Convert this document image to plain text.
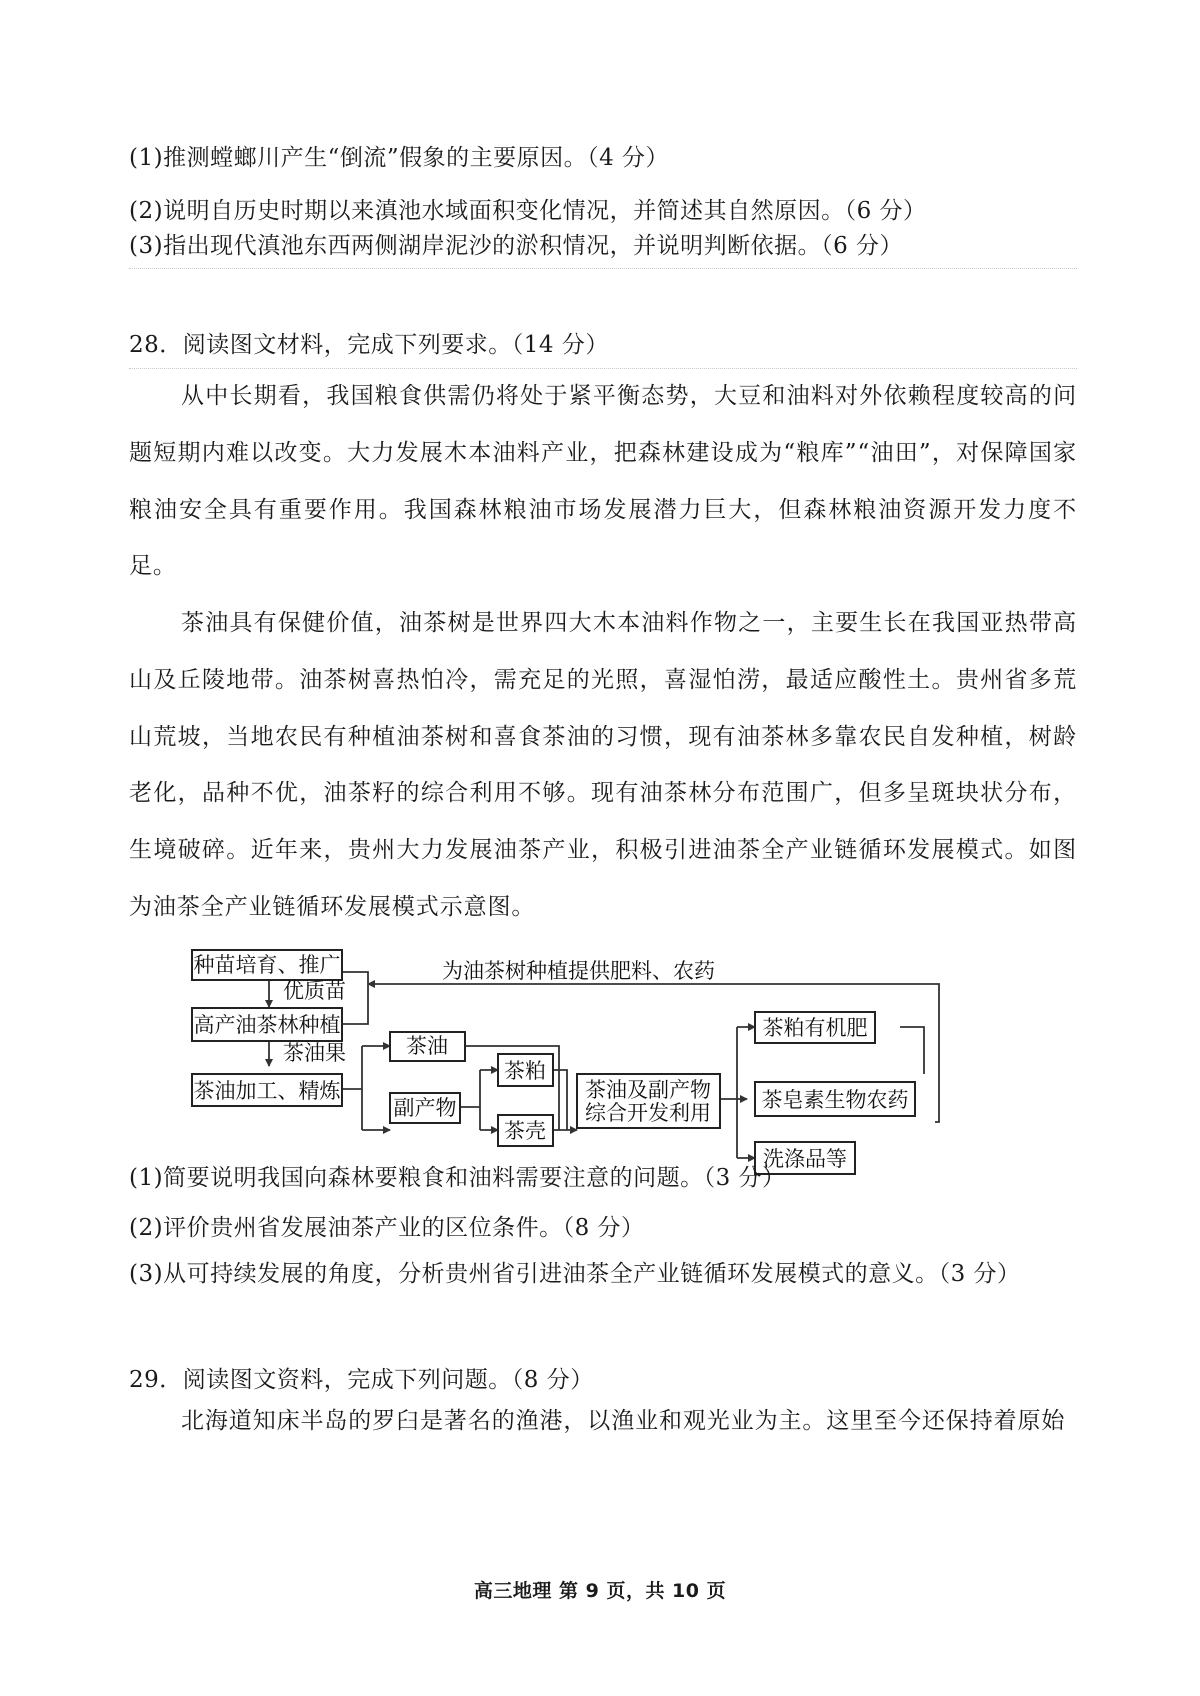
(1)推测螳螂川产生“倒流”假象的主要原因。（4 分）
(2)说明自历史时期以来滇池水域面积变化情况，并简述其自然原因。（6 分）
(3)指出现代滇池东西两侧湖岸泥沙的淤积情况，并说明判断依据。（6 分）
28．阅读图文材料，完成下列要求。（14 分）
从中长期看，我国粮食供需仍将处于紧平衡态势，大豆和油料对外依赖程度较高的问题短期内难以改变。大力发展木本油料产业，把森林建设成为“粮库”“油田”，对保障国家粮油安全具有重要作用。我国森林粮油市场发展潜力巨大，但森林粮油资源开发力度不足。
茶油具有保健价值，油茶树是世界四大木本油料作物之一，主要生长在我国亚热带高山及丘陵地带。油茶树喜热怕冷，需充足的光照，喜湿怕涝，最适应酸性土。贵州省多荒山荒坡，当地农民有种植油茶树和喜食茶油的习惯，现有油茶林多靠农民自发种植，树龄老化，品种不优，油茶籽的综合利用不够。现有油茶林分布范围广，但多呈斑块状分布，生境破碎。近年来，贵州大力发展油茶产业，积极引进油茶全产业链循环发展模式。如图为油茶全产业链循环发展模式示意图。
种苗培育、推广
优质苗
为油茶树种植提供肥料、农药
高产油茶林种植
茶油果
茶油加工、精炼
茶油
副产物
茶粕
茶壳
茶油及副产物
综合开发利用
茶粕有机肥
茶皂素生物农药
洗涤品等
(1)简要说明我国向森林要粮食和油料需要注意的问题。（3 分）
(2)评价贵州省发展油茶产业的区位条件。（8 分）
(3)从可持续发展的角度，分析贵州省引进油茶全产业链循环发展模式的意义。（3 分）
29．阅读图文资料，完成下列问题。（8 分）
北海道知床半岛的罗臼是著名的渔港，以渔业和观光业为主。这里至今还保持着原始
高三地理 第 9 页，共 10 页
